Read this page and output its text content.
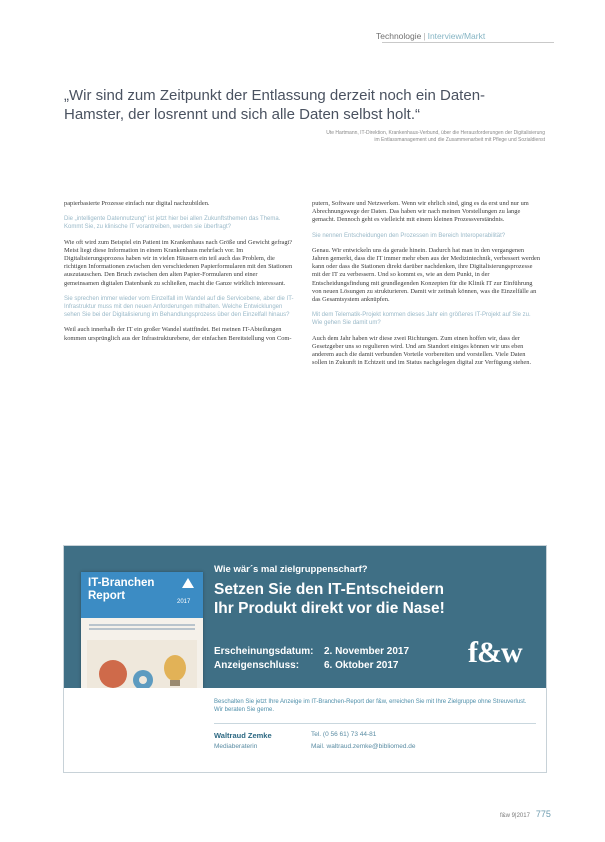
Technologie | Interview/Markt
„Wir sind zum Zeitpunkt der Entlassung derzeit noch ein Daten-Hamster, der losrennt und sich alle Daten selbst holt.“
Ute Hartmann, IT-Direktion, Krankenhaus-Verbund, über die Herausforderungen der Digitalisierung
im Entlassmanagement und die Zusammenarbeit mit Pflege und Sozialdienst

papierbasierte Prozesse einfach nur digital nachzubilden.

Die „intelligente Datennutzung“ ist jetzt hier bei allen Zukunftsthemen das Thema. Kommt Sie, zu klinische IT vorantreiben, werden sie überfragt?

Wie oft wird zum Beispiel ein Patient im Krankenhaus nach Größe und Gewicht gefragt? Meist liegt diese Information in einem Krankenhaus mehrfach vor. Im Digitalisierungsprozess haben wir in vielen Häusern ein teil auch das Problem, die richtigen Informationen zwischen den verschiedenen Papierformularen mit den Stationen auszutauschen. Den Bruch zwischen den alten Papier-Formularen und einer gemeinsamen digitalen Datenbank zu schließen, macht die Ganze wirklich interessant.

Sie sprechen immer wieder vom Einzelfall im Wandel auf die Servicebene, aber die IT-Infrastruktur muss mit den neuen Anforderungen mithalten. Welche Entwicklungen sehen Sie bei der Digitalisierung im Behandlungsprozess über den Einzelfall hinaus?

Weil auch innerhalb der IT ein großer Wandel stattfindet. Bei meinen IT-Abteilungen kommen ursprünglich aus der Infrastrukturebene, der einfachen Bereitstellung von Com-

putern, Software und Netzwerken. Wenn wir ehrlich sind, ging es da erst und nur um Abrechnungswege der Daten. Das haben wir nach meinen Vorstellungen zu lange gemacht. Dennoch geht es vielleicht mit einem kleinen Prozessverständnis.

Sie nennen Entscheidungen den Prozessen im Bereich Interoperabilität?

Genau. Wir entwickeln uns da gerade hinein. Dadurch hat man in den vergangenen Jahren gemerkt, dass die IT immer mehr eben aus der Medizintechnik, verbessert werden kann oder dass die Stationen direkt darüber nachdenken, ihre Digitalisierungsprozesse mit der IT zu verbessern. Und so kommt es, wie an dem Punkt, in der Entscheidungsfindung mit grundlegenden Konzepten für die Klinik IT zur Einführung von neuen Lösungen zu strukturieren. Damit wir zeitnah können, was die Einzelfälle an das Gesamtsystem anknüpfen.

Mit dem Telematik-Projekt kommen dieses Jahr ein größeres IT-Projekt auf Sie zu. Wie gehen Sie damit um?

Auch dem Jahr haben wir diese zwei Richtungen. Zum einen hoffen wir, dass der Gesetzgeber uns so regulieren wird. Und am Standort einiges können wir uns eben anderem auch die damit verbunden Vorteile vorbereiten und vorstellen. Viele Daten sollen in Zukunft in Echtzeit und im Status nachgelegen digital zur Verfügung stehen.

IT-Branchen Report
2017
Wie wär´s mal zielgruppenscharf?
Setzen Sie den IT-Entscheidern
Ihr Produkt direkt vor die Nase!
Erscheinungsdatum:	2. November 2017
Anzeigenschluss:	6. Oktober 2017 f&w
Beschalten Sie jetzt Ihre Anzeige im IT-Branchen-Report der f&w, erreichen Sie mit Ihre Zielgruppe ohne Streuverlust. Wir beraten Sie gerne.
Waltraud Zemke
Mediaberaterin
Tel. (0 56 61) 73 44-81
Mail. waltraud.zemke@bibliomed.de
f&w 9|2017 775
